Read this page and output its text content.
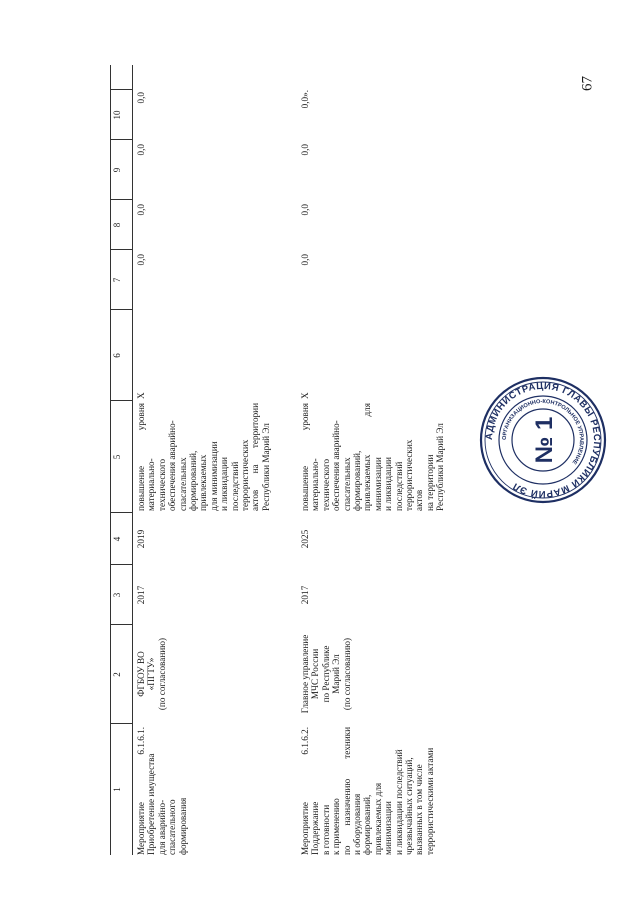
67
1
2
3
4
5
6
7
8
9
10
Мероприятие
6.1.6.1.
Приобретение имущества для аварийно- спасательного формирования
ФГБОУ ВО «ПГТУ» (по согласованию)
2017
2019
повышение уровня материально- технического обеспечения аварийно- спасательных формирований, привлекаемых для минимизации и ликвидации последствий террористических актов на территории Республики Марий Эл
X
0,0
0,0
0,0
0,0
Мероприятие
6.1.6.2.
Поддержание в готовности к применению по назначению техники и оборудования формирований, привлекаемых для минимизации и ликвидации последствий чрезвычайных ситуаций, вызванных в том числе террористическими актами
Главное управление МЧС России по Республике Марий Эл (по согласованию)
2017
2025
повышение уровня материально- технического обеспечения аварийно- спасательных формирований, привлекаемых для минимизации и ликвидации последствий террористических актов на территории Республики Марий Эл
X
0,0
0,0
0,0
0,0».
АДМИНИСТРАЦИЯ ГЛАВЫ РЕСПУБЛИКИ МАРИЙ ЭЛ
ОРГАНИЗАЦИОННО-КОНТРОЛЬНОЕ УПРАВЛЕНИЕ
№ 1
